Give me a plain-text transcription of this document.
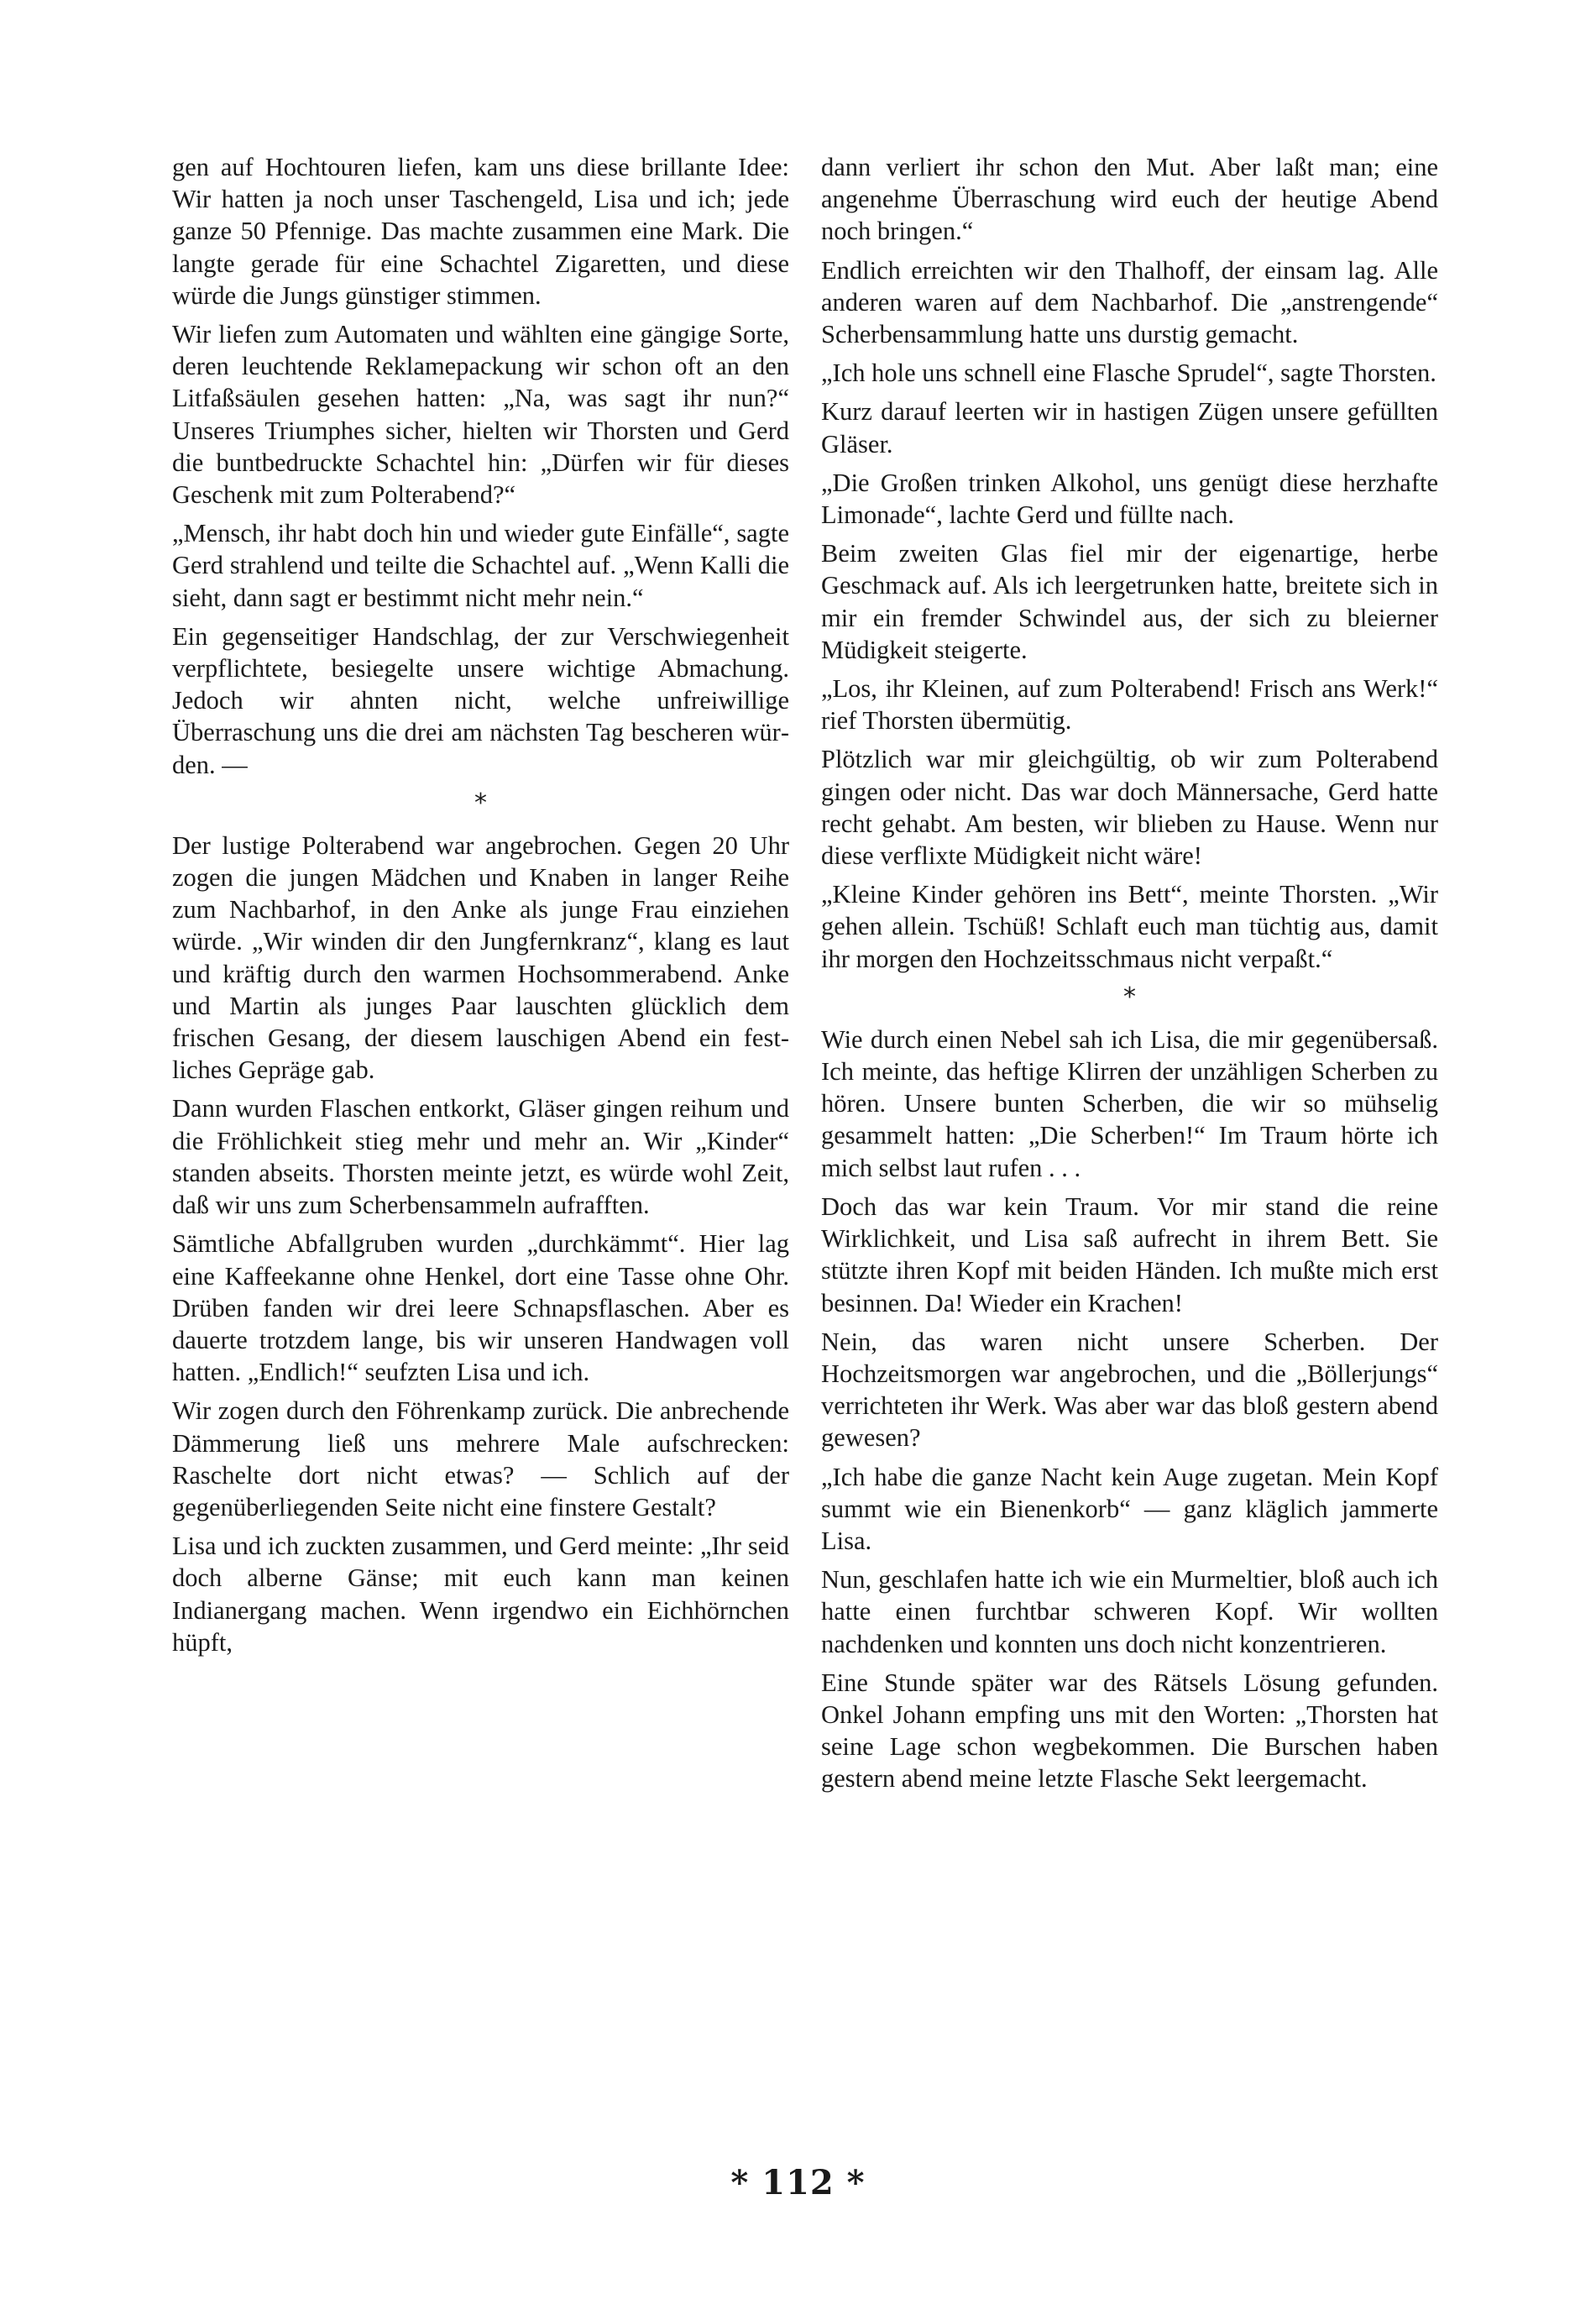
gen auf Hochtouren liefen, kam uns diese brillante Idee: Wir hatten ja noch unser Taschengeld, Lisa und ich; jede ganze 50 Pfennige. Das machte zusammen eine Mark. Die langte gerade für eine Schachtel Zigaretten, und diese würde die Jungs günstiger stimmen.

Wir liefen zum Automaten und wählten eine gängige Sorte, deren leuchtende Reklamepackung wir schon oft an den Litfaßsäulen gesehen hatten: „Na, was sagt ihr nun?“ Unseres Triumphes sicher, hielten wir Thorsten und Gerd die buntbedruckte Schachtel hin: „Dürfen wir für dieses Geschenk mit zum Polterabend?“

„Mensch, ihr habt doch hin und wieder gute Einfälle“, sagte Gerd strahlend und teilte die Schachtel auf. „Wenn Kalli die sieht, dann sagt er bestimmt nicht mehr nein.“

Ein gegenseitiger Handschlag, der zur Verschwiegenheit verpflichtete, besiegelte unsere wichtige Abmachung. Jedoch wir ahnten nicht, welche unfreiwillige Überraschung uns die drei am nächsten Tag bescheren würden. —

*

Der lustige Polterabend war angebrochen. Gegen 20 Uhr zogen die jungen Mädchen und Knaben in langer Reihe zum Nachbarhof, in den Anke als junge Frau einziehen würde. „Wir winden dir den Jungfernkranz“, klang es laut und kräftig durch den warmen Hochsommerabend. Anke und Martin als junges Paar lauschten glücklich dem frischen Gesang, der diesem lauschigen Abend ein festliches Gepräge gab.

Dann wurden Flaschen entkorkt, Gläser gingen reihum und die Fröhlichkeit stieg mehr und mehr an. Wir „Kinder“ standen abseits. Thorsten meinte jetzt, es würde wohl Zeit, daß wir uns zum Scherbensammeln aufrafften.

Sämtliche Abfallgruben wurden „durchkämmt“. Hier lag eine Kaffeekanne ohne Henkel, dort eine Tasse ohne Ohr. Drüben fanden wir drei leere Schnapsflaschen. Aber es dauerte trotzdem lange, bis wir unseren Handwagen voll hatten. „Endlich!“ seufzten Lisa und ich.

Wir zogen durch den Föhrenkamp zurück. Die anbrechende Dämmerung ließ uns mehrere Male aufschrecken: Raschelte dort nicht etwas? — Schlich auf der gegenüberliegenden Seite nicht eine finstere Gestalt?

Lisa und ich zuckten zusammen, und Gerd meinte: „Ihr seid doch alberne Gänse; mit euch kann man keinen Indianergang machen. Wenn irgendwo ein Eichhörnchen hüpft,

dann verliert ihr schon den Mut. Aber laßt man; eine angenehme Überraschung wird euch der heutige Abend noch bringen.“

Endlich erreichten wir den Thalhoff, der einsam lag. Alle anderen waren auf dem Nachbarhof. Die „anstrengende“ Scherbensammlung hatte uns durstig gemacht.

„Ich hole uns schnell eine Flasche Sprudel“, sagte Thorsten.

Kurz darauf leerten wir in hastigen Zügen unsere gefüllten Gläser.

„Die Großen trinken Alkohol, uns genügt diese herzhafte Limonade“, lachte Gerd und füllte nach.

Beim zweiten Glas fiel mir der eigenartige, herbe Geschmack auf. Als ich leergetrunken hatte, breitete sich in mir ein fremder Schwindel aus, der sich zu bleierner Müdigkeit steigerte.

„Los, ihr Kleinen, auf zum Polterabend! Frisch ans Werk!“ rief Thorsten übermütig.

Plötzlich war mir gleichgültig, ob wir zum Polterabend gingen oder nicht. Das war doch Männersache, Gerd hatte recht gehabt. Am besten, wir blieben zu Hause. Wenn nur diese verflixte Müdigkeit nicht wäre!

„Kleine Kinder gehören ins Bett“, meinte Thorsten. „Wir gehen allein. Tschüß! Schlaft euch man tüchtig aus, damit ihr morgen den Hochzeitsschmaus nicht verpaßt.“

*

Wie durch einen Nebel sah ich Lisa, die mir gegenübersaß. Ich meinte, das heftige Klirren der unzähligen Scherben zu hören. Unsere bunten Scherben, die wir so mühselig gesammelt hatten: „Die Scherben!“ Im Traum hörte ich mich selbst laut rufen . . .

Doch das war kein Traum. Vor mir stand die reine Wirklichkeit, und Lisa saß aufrecht in ihrem Bett. Sie stützte ihren Kopf mit beiden Händen. Ich mußte mich erst besinnen. Da! Wieder ein Krachen!

Nein, das waren nicht unsere Scherben. Der Hochzeitsmorgen war angebrochen, und die „Böllerjungs“ verrichteten ihr Werk. Was aber war das bloß gestern abend gewesen?

„Ich habe die ganze Nacht kein Auge zugetan. Mein Kopf summt wie ein Bienenkorb“ — ganz kläglich jammerte Lisa.

Nun, geschlafen hatte ich wie ein Murmeltier, bloß auch ich hatte einen furchtbar schweren Kopf. Wir wollten nachdenken und konnten uns doch nicht konzentrieren.

Eine Stunde später war des Rätsels Lösung gefunden. Onkel Johann empfing uns mit den Worten: „Thorsten hat seine Lage schon wegbekommen. Die Burschen haben gestern abend meine letzte Flasche Sekt leergemacht.

* 112 *
